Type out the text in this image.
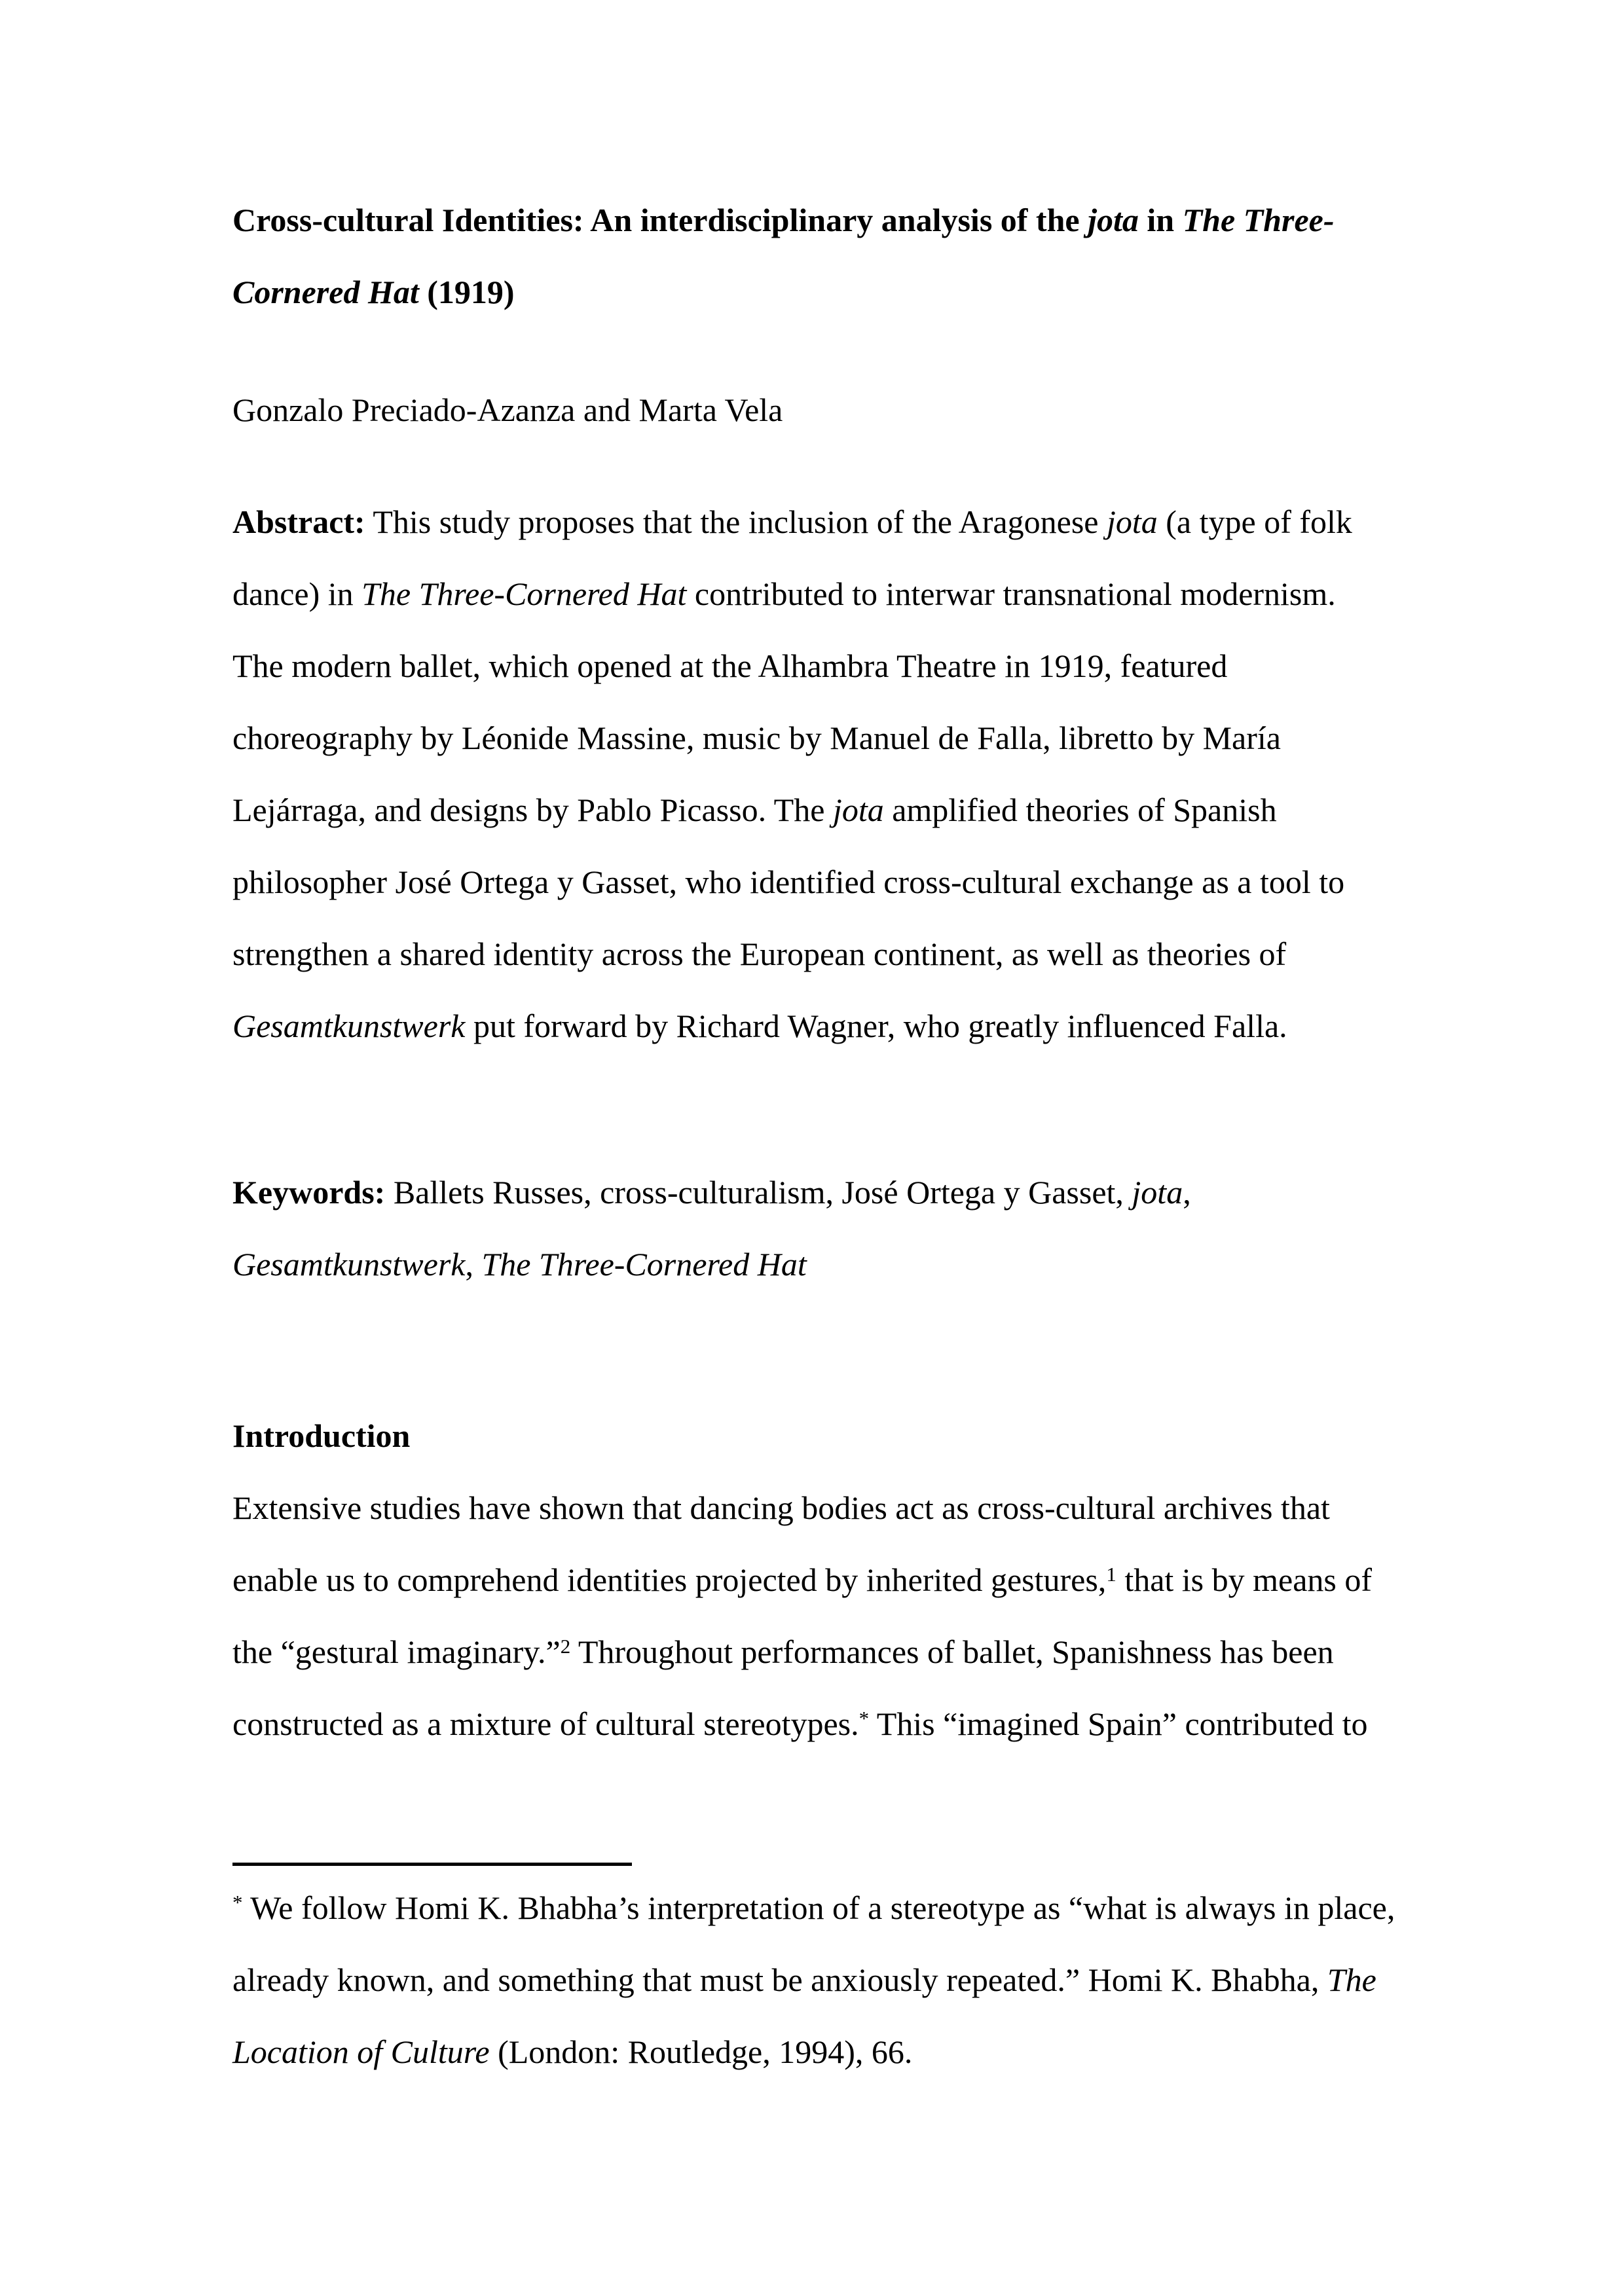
Cross-cultural Identities: An interdisciplinary analysis of the jota in The Three-
Cornered Hat (1919)
Gonzalo Preciado-Azanza and Marta Vela
Abstract: This study proposes that the inclusion of the Aragonese jota (a type of folk
dance) in The Three-Cornered Hat contributed to interwar transnational modernism.
The modern ballet, which opened at the Alhambra Theatre in 1919, featured
choreography by Léonide Massine, music by Manuel de Falla, libretto by María
Lejárraga, and designs by Pablo Picasso. The jota amplified theories of Spanish
philosopher José Ortega y Gasset, who identified cross-cultural exchange as a tool to
strengthen a shared identity across the European continent, as well as theories of
Gesamtkunstwerk put forward by Richard Wagner, who greatly influenced Falla.
Keywords: Ballets Russes, cross-culturalism, José Ortega y Gasset, jota,
Gesamtkunstwerk, The Three-Cornered Hat
Introduction
Extensive studies have shown that dancing bodies act as cross-cultural archives that
enable us to comprehend identities projected by inherited gestures,$^1$ that is by means of
the “gestural imaginary.”$^2$ Throughout performances of ballet, Spanishness has been
constructed as a mixture of cultural stereotypes.* This “imagined Spain” contributed to
* We follow Homi K. Bhabha’s interpretation of a stereotype as “what is always in place,
already known, and something that must be anxiously repeated.” Homi K. Bhabha, The
Location of Culture (London: Routledge, 1994), 66.
